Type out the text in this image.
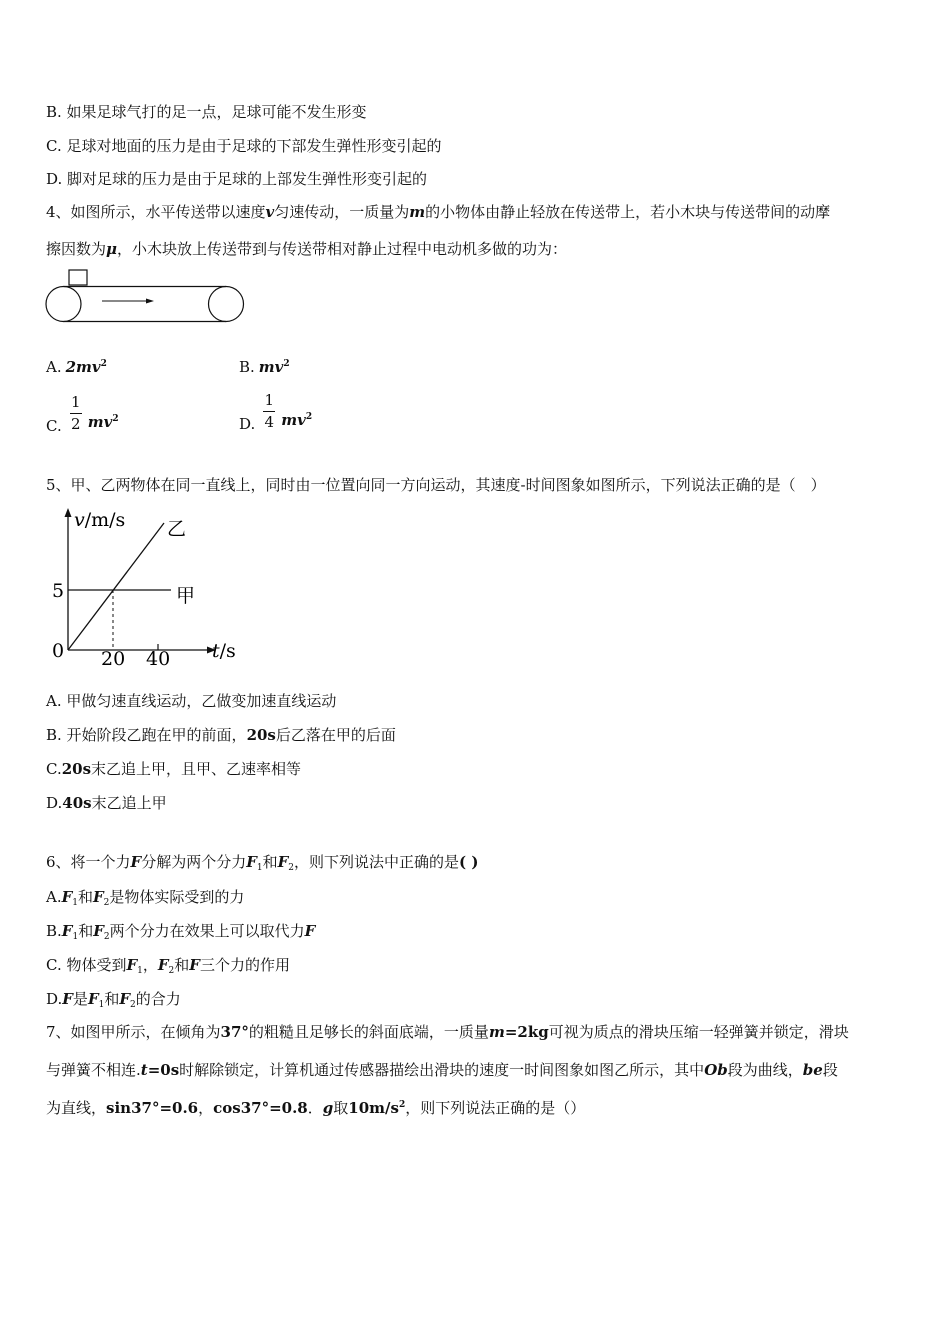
B. 如果足球气打的足一点，足球可能不发生形变
C. 足球对地面的压力是由于足球的下部发生弹性形变引起的
D. 脚对足球的压力是由于足球的上部发生弹性形变引起的
4、如图所示，水平传送带以速度v匀速传动，一质量为m的小物体由静止轻放在传送带上，若小木块与传送带间的动摩
擦因数为μ，小木块放上传送带到与传送带相对静止过程中电动机多做的功为：
A. $2mv^2$	B. $mv^2$
C. $\frac{1}{2} mv^2$	D. $\frac{1}{4} mv^2$
5、甲、乙两物体在同一直线上，同时由一位置向同一方向运动，其速度-时间图象如图所示，下列说法正确的是（　）
v/m/s
t/s
0
5
20 40
乙
甲
A. 甲做匀速直线运动，乙做变加速直线运动
B. 开始阶段乙跑在甲的前面，20s后乙落在甲的后面
C.20s末乙追上甲，且甲、乙速率相等
D.40s末乙追上甲
6、将一个力F分解为两个分力$F_1$和$F_2$，则下列说法中正确的是( )
$A.F_1$和$F_2$是物体实际受到的力
$B.F_1$和$F_2$两个分力在效果上可以取代力F
C. 物体受到$F_1$，$F_2$和F三个力的作用
D.F是$F_1$和$F_2$的合力
7、如图甲所示，在倾角为37°的粗糙且足够长的斜面底端，一质量m=2kg可视为质点的滑块压缩一轻弹簧并锁定，滑块
与弹簧不相连.t=0s时解除锁定，计算机通过传感器描绘出滑块的速度一时间图象如图乙所示，其中Ob段为曲线，be段
为直线，sin37°=0.6，cos37°=0.8．g取$10m/s^2$，则下列说法正确的是（）
